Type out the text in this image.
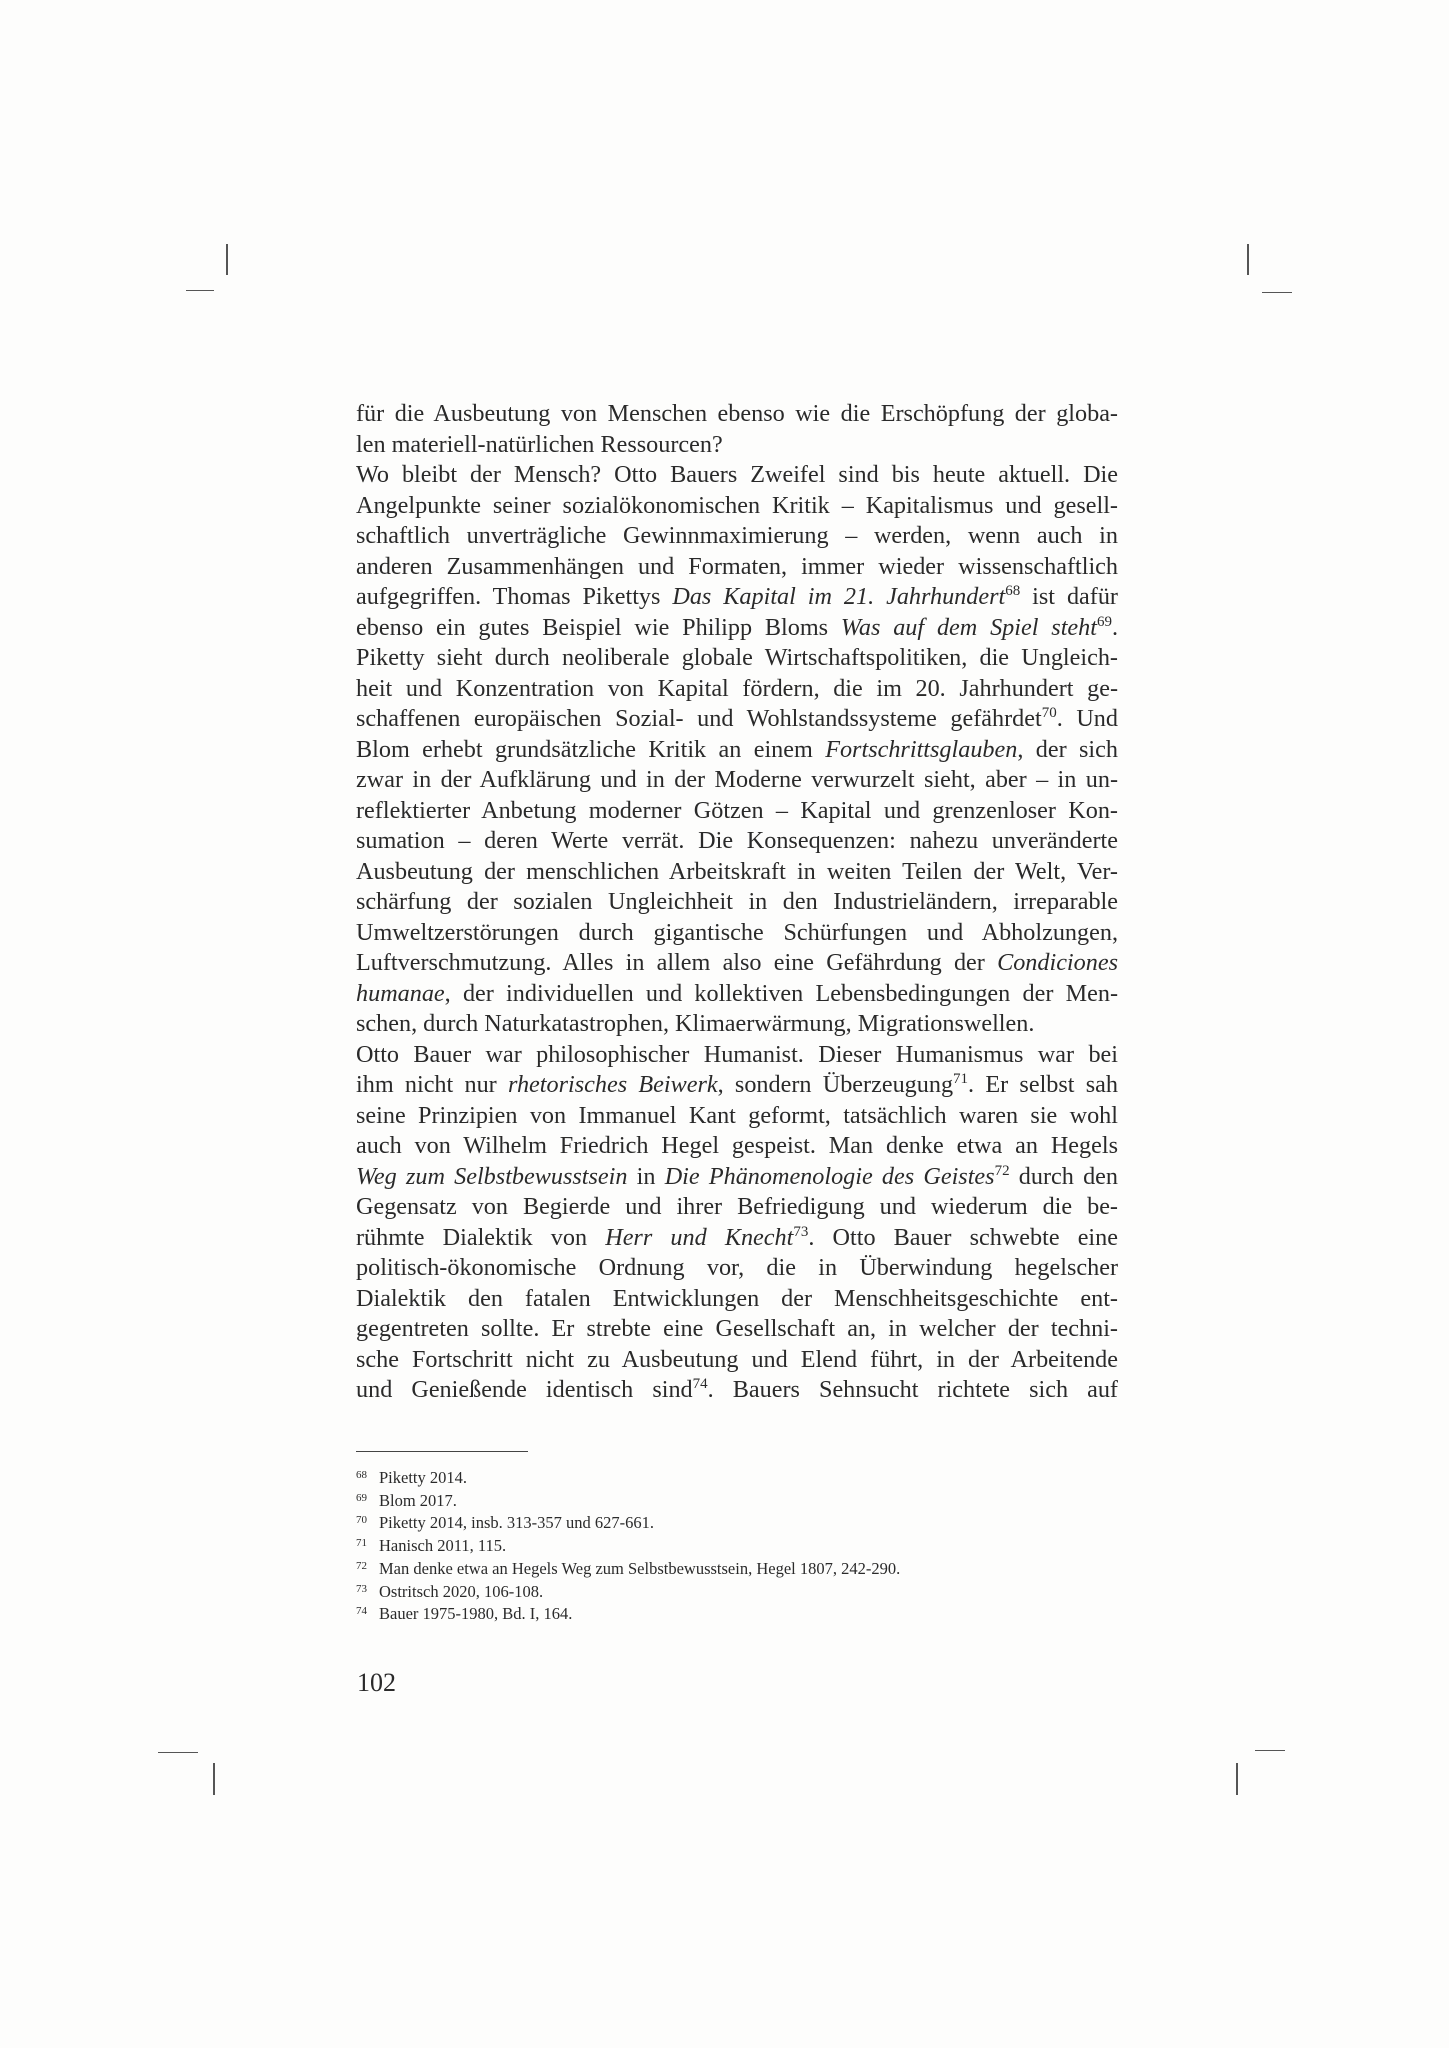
für die Ausbeutung von Menschen ebenso wie die Erschöpfung der globa-
len materiell-natürlichen Ressourcen?
Wo bleibt der Mensch? Otto Bauers Zweifel sind bis heute aktuell. Die
Angelpunkte seiner sozialökonomischen Kritik – Kapitalismus und gesell-
schaftlich unverträgliche Gewinnmaximierung – werden, wenn auch in
anderen Zusammenhängen und Formaten, immer wieder wissenschaftlich
aufgegriffen. Thomas Pikettys Das Kapital im 21. Jahrhundert$^{68}$ ist dafür
ebenso ein gutes Beispiel wie Philipp Bloms Was auf dem Spiel steht$^{69}$.
Piketty sieht durch neoliberale globale Wirtschaftspolitiken, die Ungleich-
heit und Konzentration von Kapital fördern, die im 20. Jahrhundert ge-
schaffenen europäischen Sozial- und Wohlstandssysteme gefährdet$^{70}$. Und
Blom erhebt grundsätzliche Kritik an einem Fortschrittsglauben, der sich
zwar in der Aufklärung und in der Moderne verwurzelt sieht, aber – in un-
reflektierter Anbetung moderner Götzen – Kapital und grenzenloser Kon-
sumation – deren Werte verrät. Die Konsequenzen: nahezu unveränderte
Ausbeutung der menschlichen Arbeitskraft in weiten Teilen der Welt, Ver-
schärfung der sozialen Ungleichheit in den Industrieländern, irreparable
Umweltzerstörungen durch gigantische Schürfungen und Abholzungen,
Luftverschmutzung. Alles in allem also eine Gefährdung der Condiciones
humanae, der individuellen und kollektiven Lebensbedingungen der Men-
schen, durch Naturkatastrophen, Klimaerwärmung, Migrationswellen.
Otto Bauer war philosophischer Humanist. Dieser Humanismus war bei
ihm nicht nur rhetorisches Beiwerk, sondern Überzeugung$^{71}$. Er selbst sah
seine Prinzipien von Immanuel Kant geformt, tatsächlich waren sie wohl
auch von Wilhelm Friedrich Hegel gespeist. Man denke etwa an Hegels
Weg zum Selbstbewusstsein in Die Phänomenologie des Geistes$^{72}$ durch den
Gegensatz von Begierde und ihrer Befriedigung und wiederum die be-
rühmte Dialektik von Herr und Knecht$^{73}$. Otto Bauer schwebte eine
politisch-ökonomische Ordnung vor, die in Überwindung hegelscher
Dialektik den fatalen Entwicklungen der Menschheitsgeschichte ent-
gegentreten sollte. Er strebte eine Gesellschaft an, in welcher der techni-
sche Fortschritt nicht zu Ausbeutung und Elend führt, in der Arbeitende
und Genießende identisch sind$^{74}$. Bauers Sehnsucht richtete sich auf

68 Piketty 2014.
69 Blom 2017.
70 Piketty 2014, insb. 313-357 und 627-661.
71 Hanisch 2011, 115.
72 Man denke etwa an Hegels Weg zum Selbstbewusstsein, Hegel 1807, 242-290.
73 Ostritsch 2020, 106-108.
74 Bauer 1975-1980, Bd. I, 164.
102
